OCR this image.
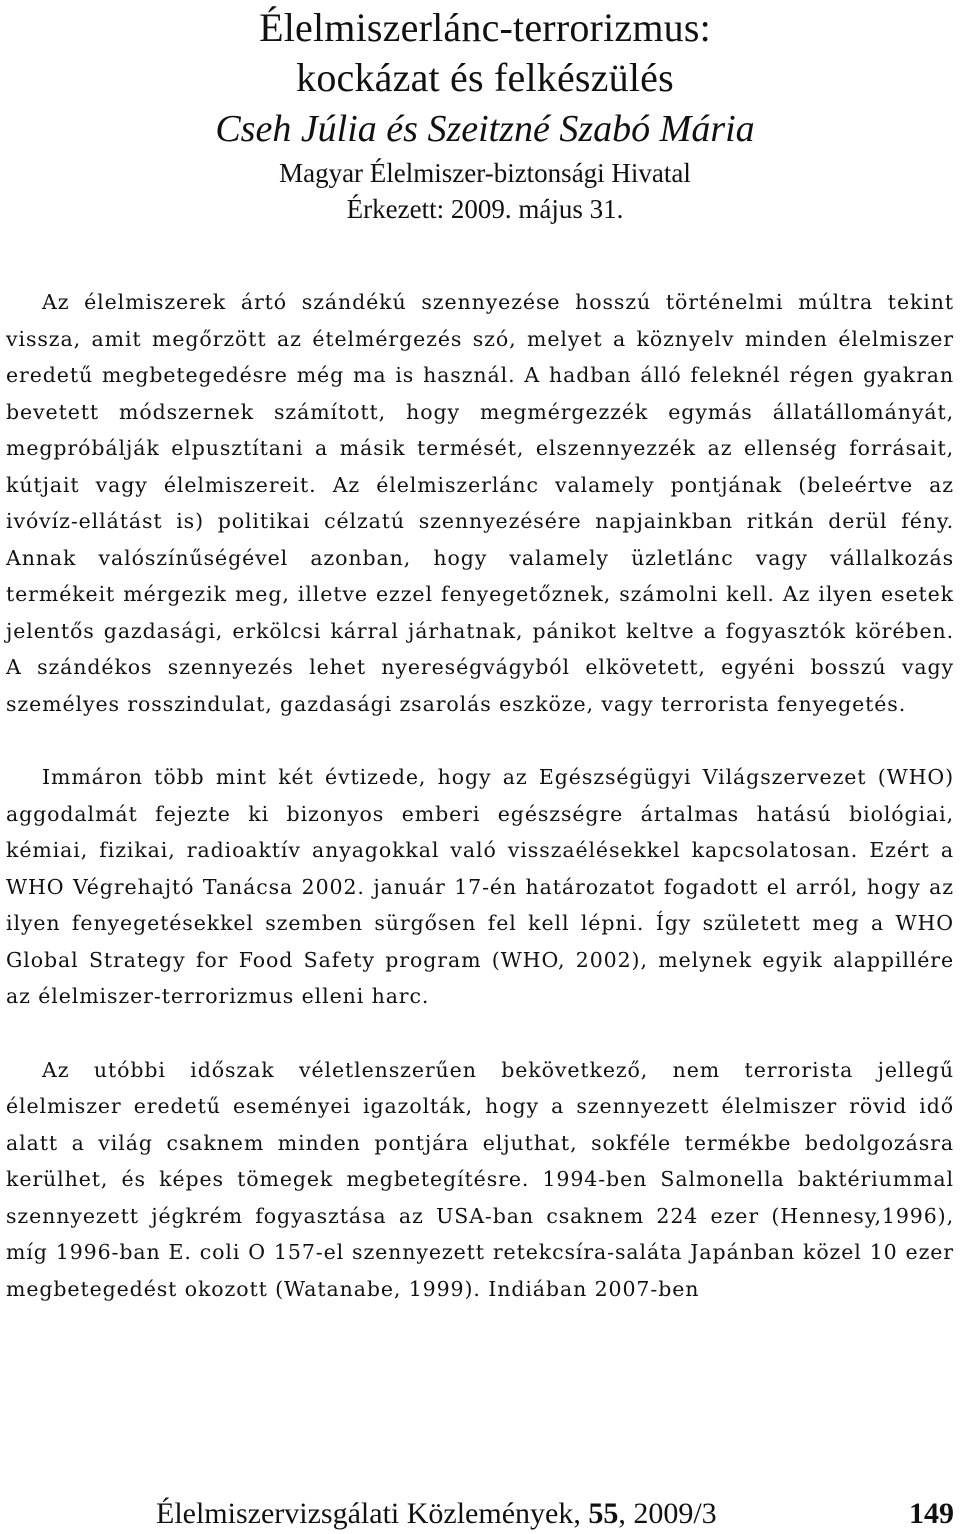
Élelmiszerlánc-terrorizmus:
kockázat és felkészülés

Cseh Júlia és Szeitzné Szabó Mária

Magyar Élelmiszer-biztonsági Hivatal

Érkezett: 2009. május 31.

Az élelmiszerek ártó szándékú szennyezése hosszú történelmi múltra tekint vissza, amit megőrzött az ételmérgezés szó, melyet a köznyelv minden élelmiszer eredetű megbetegedésre még ma is használ. A hadban álló feleknél régen gyakran bevetett módszernek számított, hogy megmérgezzék egymás állatállományát, megpróbálják elpusztítani a másik termését, elszennyezzék az ellenség forrásait, kútjait vagy élelmiszereit. Az élelmiszerlánc valamely pontjának (beleértve az ivóvíz-ellátást is) politikai célzatú szennyezésére napjainkban ritkán derül fény. Annak valószínűségével azonban, hogy valamely üzletlánc vagy vállalkozás termékeit mérgezik meg, illetve ezzel fenyegetőznek, számolni kell. Az ilyen esetek jelentős gazdasági, erkölcsi kárral járhatnak, pánikot keltve a fogyasztók körében. A szándékos szennyezés lehet nyereségvágyból elkövetett, egyéni bosszú vagy személyes rosszindulat, gazdasági zsarolás eszköze, vagy terrorista fenyegetés.

Immáron több mint két évtizede, hogy az Egészségügyi Világszervezet (WHO) aggodalmát fejezte ki bizonyos emberi egészségre ártalmas hatású biológiai, kémiai, fizikai, radioaktív anyagokkal való visszaélésekkel kapcsolatosan. Ezért a WHO Végrehajtó Tanácsa 2002. január 17-én határozatot fogadott el arról, hogy az ilyen fenyegetésekkel szemben sürgősen fel kell lépni. Így született meg a WHO Global Strategy for Food Safety program (WHO, 2002), melynek egyik alappillére az élelmiszer-terrorizmus elleni harc.

Az utóbbi időszak véletlenszerűen bekövetkező, nem terrorista jellegű élelmiszer eredetű eseményei igazolták, hogy a szennyezett élelmiszer rövid idő alatt a világ csaknem minden pontjára eljuthat, sokféle termékbe bedolgozásra kerülhet, és képes tömegek megbetegítésre. 1994-ben Salmonella baktériummal szennyezett jégkrém fogyasztása az USA-ban csaknem 224 ezer (Hennesy,1996), míg 1996-ban E. coli O 157-el szennyezett retekcsíra-saláta Japánban közel 10 ezer megbetegedést okozott (Watanabe, 1999). Indiában 2007-ben

Élelmiszervizsgálati Közlemények, 55, 2009/3	149
